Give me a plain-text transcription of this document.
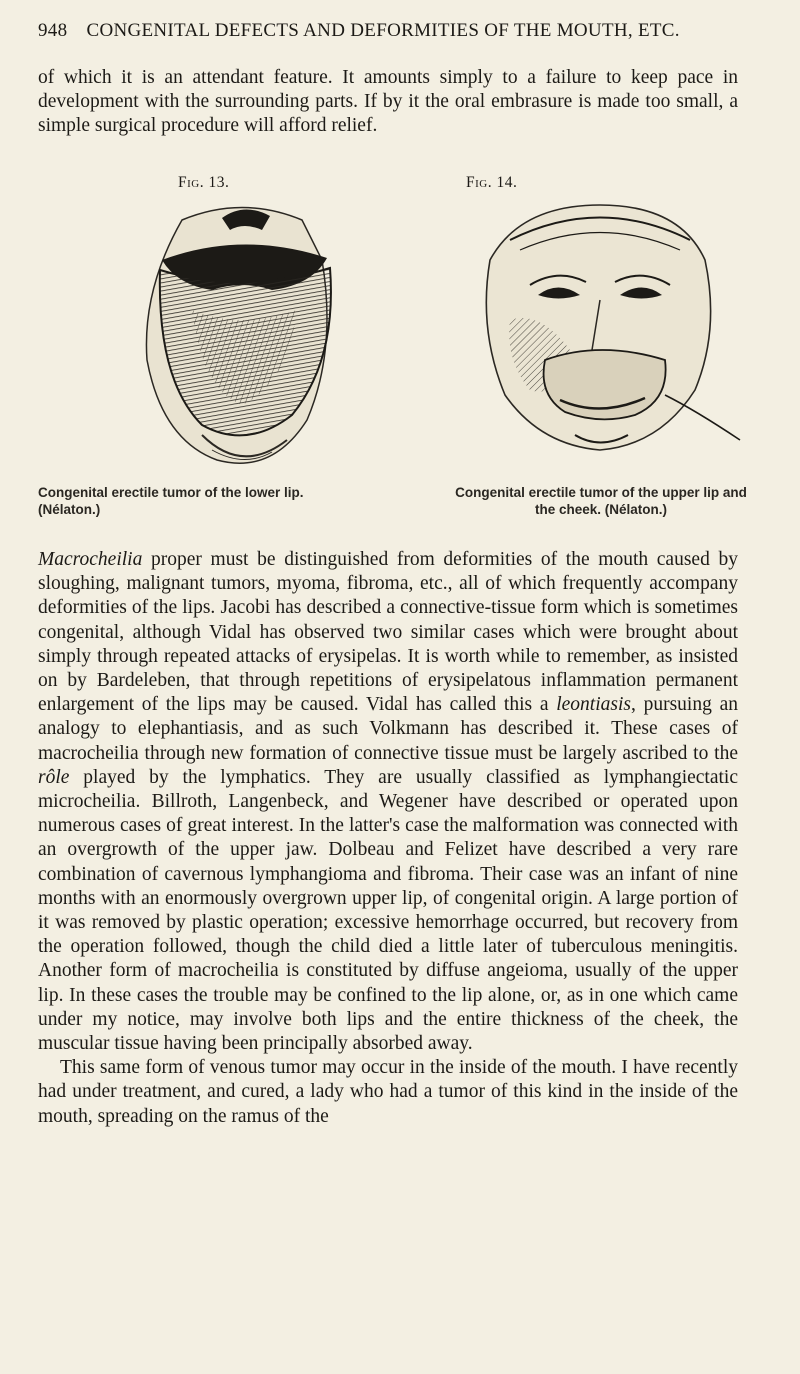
948 CONGENITAL DEFECTS AND DEFORMITIES OF THE MOUTH, ETC.

of which it is an attendant feature. It amounts simply to a failure to keep pace in development with the surrounding parts. If by it the oral embrasure is made too small, a simple surgical procedure will afford relief.

Fig. 13.	Fig. 14.
Congenital erectile tumor of the lower lip. (Nélaton.)
Congenital erectile tumor of the upper lip and the cheek. (Nélaton.)

Macrocheilia proper must be distinguished from deformities of the mouth caused by sloughing, malignant tumors, myoma, fibroma, etc., all of which frequently accompany deformities of the lips. Jacobi has described a connective-tissue form which is sometimes congenital, although Vidal has observed two similar cases which were brought about simply through repeated attacks of erysipelas. It is worth while to remember, as insisted on by Bardeleben, that through repetitions of erysipelatous inflammation permanent enlargement of the lips may be caused. Vidal has called this a leontiasis, pursuing an analogy to elephantiasis, and as such Volkmann has described it. These cases of macrocheilia through new formation of connective tissue must be largely ascribed to the rôle played by the lymphatics. They are usually classified as lymphangiectatic microcheilia. Billroth, Langenbeck, and Wegener have described or operated upon numerous cases of great interest. In the latter's case the malformation was connected with an overgrowth of the upper jaw. Dolbeau and Felizet have described a very rare combination of cavernous lymphangioma and fibroma. Their case was an infant of nine months with an enormously overgrown upper lip, of congenital origin. A large portion of it was removed by plastic operation; excessive hemorrhage occurred, but recovery from the operation followed, though the child died a little later of tuberculous meningitis. Another form of macrocheilia is constituted by diffuse angeioma, usually of the upper lip. In these cases the trouble may be confined to the lip alone, or, as in one which came under my notice, may involve both lips and the entire thickness of the cheek, the muscular tissue having been principally absorbed away.
This same form of venous tumor may occur in the inside of the mouth. I have recently had under treatment, and cured, a lady who had a tumor of this kind in the inside of the mouth, spreading on the ramus of the
